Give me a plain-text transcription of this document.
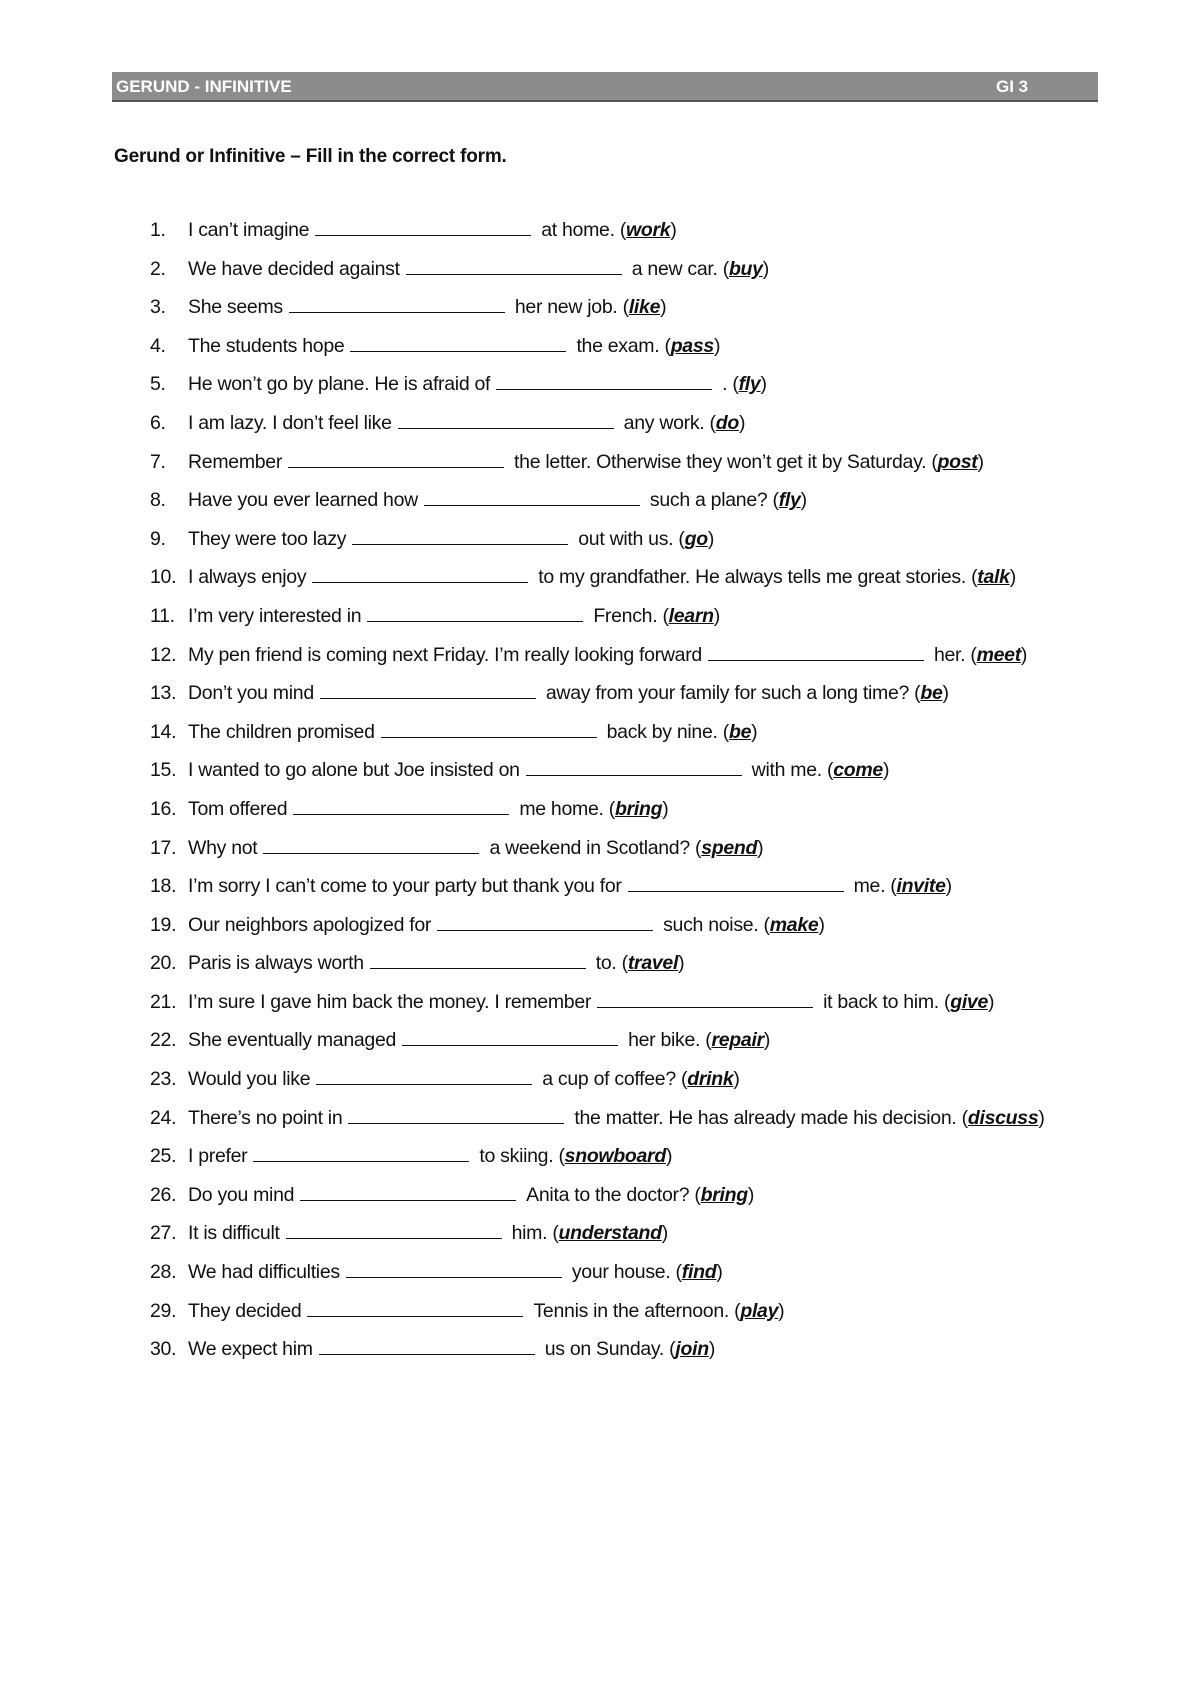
GERUND - INFINITIVE	GI 3
Gerund or Infinitive – Fill in the correct form.
1.	I can’t imagine	at home. (work)
2.	We have decided against	a new car. (buy)
3.	She seems	her new job. (like)
4.	The students hope	the exam. (pass)
5.	He won’t go by plane. He is afraid of	. (fly)
6.	I am lazy. I don’t feel like	any work. (do)
7.	Remember	the letter. Otherwise they won’t get it by Saturday. (post)
8.	Have you ever learned how	such a plane? (fly)
9.	They were too lazy	out with us. (go)
10. I always enjoy	to my grandfather. He always tells me great stories. (talk)
11. I’m very interested in	French. (learn)
12. My pen friend is coming next Friday. I’m really looking forward	her. (meet)
13. Don’t you mind	away from your family for such a long time? (be)
14. The children promised	back by nine. (be)
15. I wanted to go alone but Joe insisted on	with me. (come)
16. Tom offered	me home. (bring)
17. Why not	a weekend in Scotland? (spend)
18. I’m sorry I can’t come to your party but thank you for	me. (invite)
19. Our neighbors apologized for	such noise. (make)
20. Paris is always worth	to. (travel)
21. I’m sure I gave him back the money. I remember	it back to him. (give)
22. She eventually managed	her bike. (repair)
23. Would you like	a cup of coffee? (drink)
24. There’s no point in	the matter. He has already made his decision. (discuss)
25. I prefer	to skiing. (snowboard)
26. Do you mind	Anita to the doctor? (bring)
27. It is difficult	him. (understand)
28. We had difficulties	your house. (find)
29. They decided	Tennis in the afternoon. (play)
30. We expect him	us on Sunday. (join)
